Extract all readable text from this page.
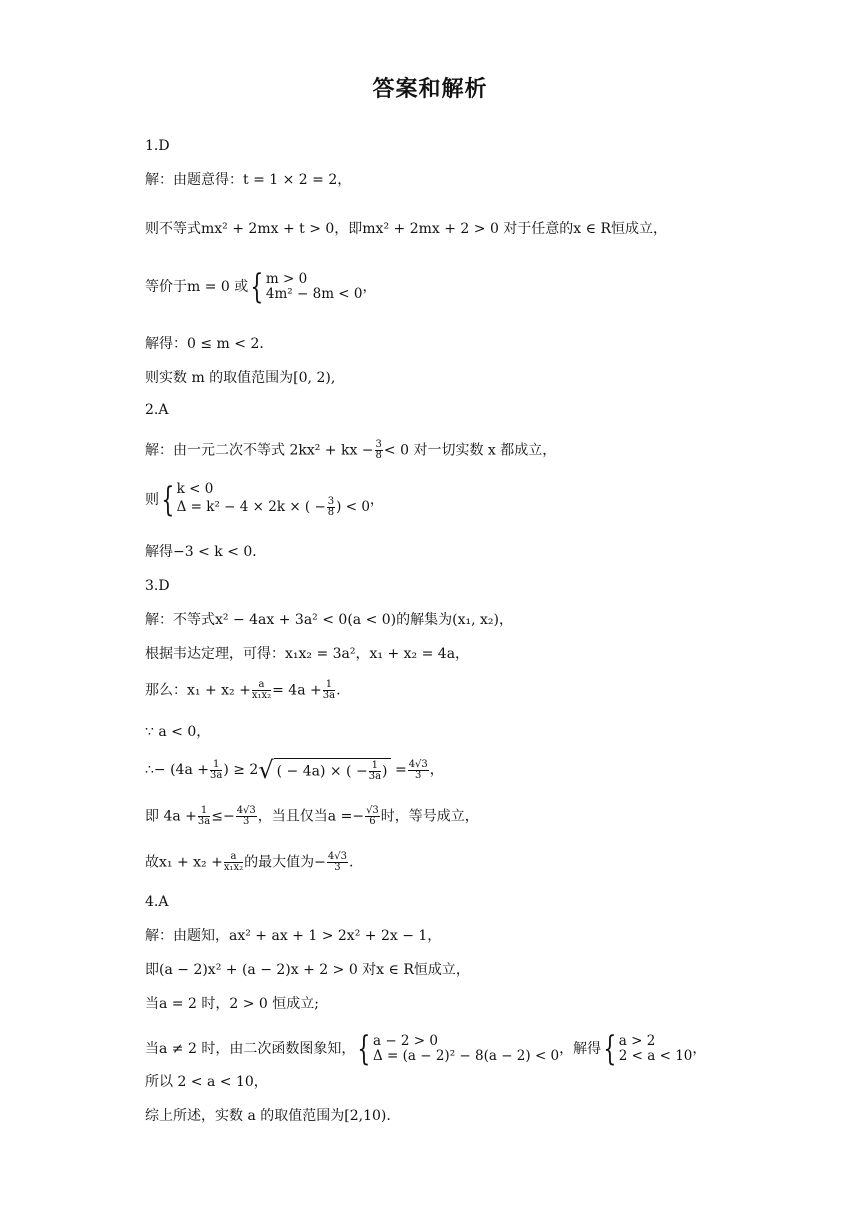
答案和解析
1.D
解：由题意得：t = 1 × 2 = 2，
则不等式mx² + 2mx + t > 0，即mx² + 2mx + 2 > 0 对于任意的x ∈ R恒成立，
等价于m = 0 或{ m > 0
4m² − 8m < 0 ，
解得：0 ≤ m < 2．
则实数 m 的取值范围为[0, 2),
2.A
解：由一元二次不等式 2kx² + kx − $\frac{3}{8} < 0$ 对一切实数 x 都成立，
则{ k < 0
Δ = k² − 4 × 2k × ( − $\frac{3}{8}$ ) < 0 ，
解得−3 < k < 0．
3.D
解：不等式x² − 4ax + 3a² < 0(a < 0)的解集为(x₁, x₂)，
根据韦达定理，可得：x₁x₂ = 3a²，x₁ + x₂ = 4a，
那么：$x_1 + x_2 + \frac{a}{\text{x₁x₂}} = 4a + \frac{1}{3a}$ .
∵ a < 0，
∴− ($4a + \frac{1}{3a}$ ) ≥ 2√ ( − 4a) × ( − $\frac{1}{3a}$ ) = $\frac{4√3}{3}$ ，
即 $4a + \frac{1}{3a} \le- \frac{4√3}{3}$ ，当且仅当$a =- \frac{√3}{6}$ 时，等号成立，
故$x_1 + x_2 + \frac{a}{\text{x₁x₂}}$ 的最大值为− $\frac{4√3}{3}$ .
4.A
解：由题知，ax² + ax + 1 > 2x² + 2x − 1，
即(a − 2)x² + (a − 2)x + 2 > 0 对x ∈ R恒成立，
当a = 2 时，2 > 0 恒成立;
当a ≠ 2 时，由二次函数图象知，{ a − 2 > 0
Δ = (a − 2)² − 8(a − 2) < 0 ，解得{ a > 2
2 < a < 10 ，
所以 2 < a < 10，
综上所述，实数 a 的取值范围为[2,10).
